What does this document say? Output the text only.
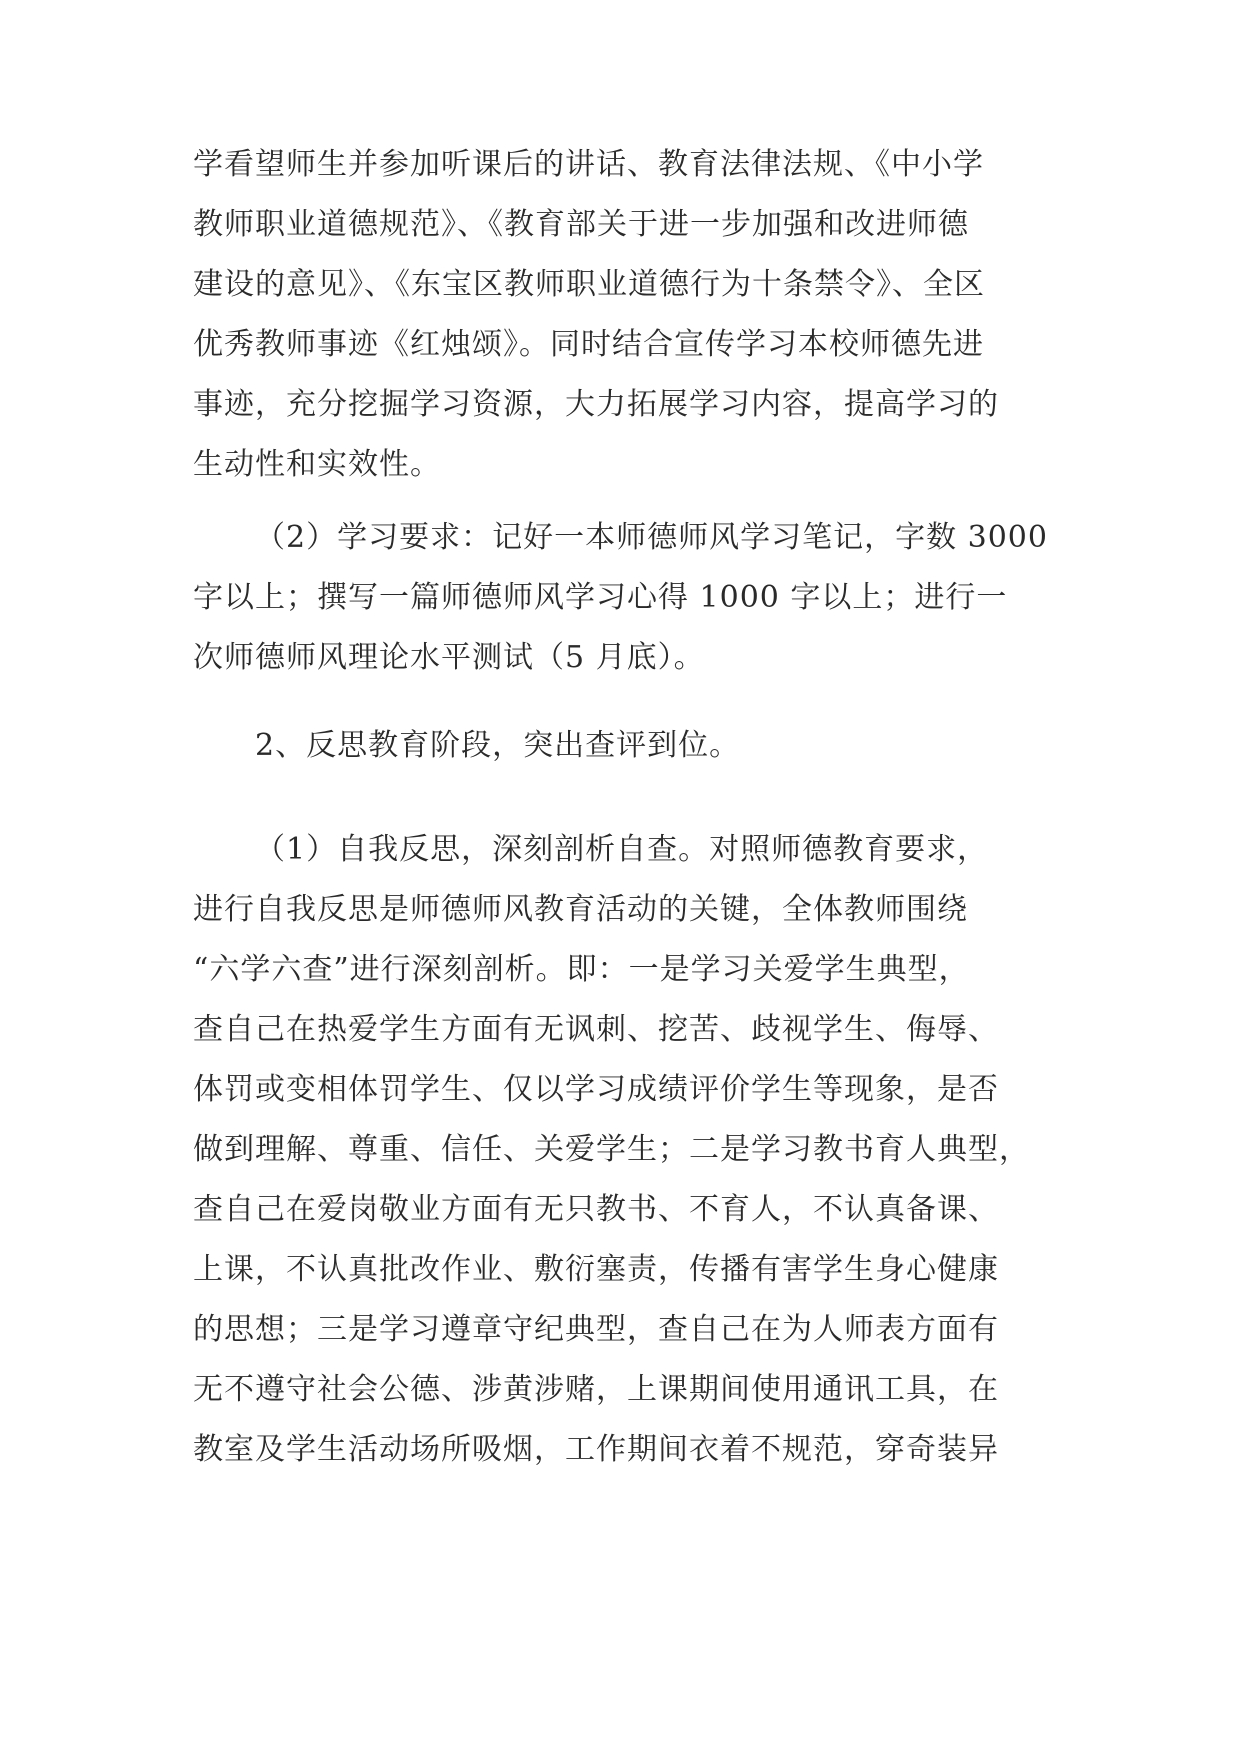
学看望师生并参加听课后的讲话、教育法律法规、《中小学
教师职业道德规范》、《教育部关于进一步加强和改进师德
建设的意见》、《东宝区教师职业道德行为十条禁令》、全区
优秀教师事迹《红烛颂》。同时结合宣传学习本校师德先进
事迹，充分挖掘学习资源，大力拓展学习内容，提高学习的
生动性和实效性。
（2）学习要求：记好一本师德师风学习笔记，字数 3000
字以上；撰写一篇师德师风学习心得 1000 字以上；进行一
次师德师风理论水平测试（5 月底）。
2、反思教育阶段，突出查评到位。
（1）自我反思，深刻剖析自查。对照师德教育要求，
进行自我反思是师德师风教育活动的关键，全体教师围绕
“六学六查”进行深刻剖析。即：一是学习关爱学生典型，
查自己在热爱学生方面有无讽刺、挖苦、歧视学生、侮辱、
体罚或变相体罚学生、仅以学习成绩评价学生等现象，是否
做到理解、尊重、信任、关爱学生；二是学习教书育人典型，
查自己在爱岗敬业方面有无只教书、不育人，不认真备课、
上课，不认真批改作业、敷衍塞责，传播有害学生身心健康
的思想；三是学习遵章守纪典型，查自己在为人师表方面有
无不遵守社会公德、涉黄涉赌，上课期间使用通讯工具，在
教室及学生活动场所吸烟，工作期间衣着不规范，穿奇装异
